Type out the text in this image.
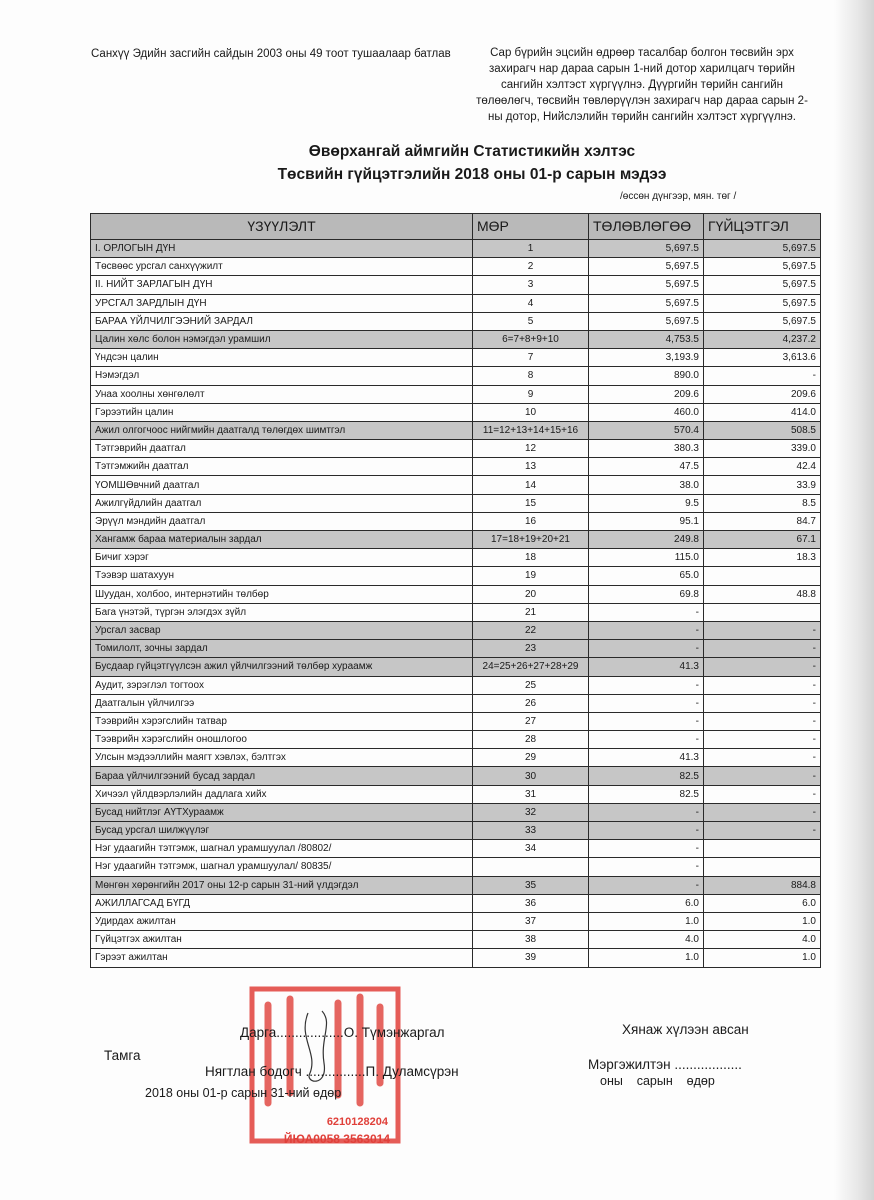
Санхүү Эдийн засгийн сайдын 2003 оны 49 тоот тушаалаар батлав	Сар бүрийн эцсийн өдрөөр тасалбар болгон төсвийн эрх
захирагч нар дараа сарын 1-ний дотор харилцагч төрийн
сангийн хэлтэст хүргүүлнэ. Дүүргийн төрийн сангийн
төлөөлөгч, төсвийн төвлөрүүлэн захирагч нар дараа сарын 2-
ны дотор, Нийслэлийн төрийн сангийн хэлтэст хүргүүлнэ.
Өвөрхангай аймгийн Статистикийн хэлтэс
Төсвийн гүйцэтгэлийн 2018 оны 01-р сарын мэдээ
/өссөн дүнгээр, мян. төг /
ҮЗҮҮЛЭЛТ	МӨР	ТӨЛӨВЛӨГӨӨ	ГҮЙЦЭТГЭЛ
I. ОРЛОГЫН ДҮН	1	5,697.5	5,697.5
Төсвөөс урсгал санхүүжилт	2	5,697.5	5,697.5
II. НИЙТ ЗАРЛАГЫН ДҮН	3	5,697.5	5,697.5
УРСГАЛ ЗАРДЛЫН ДҮН	4	5,697.5	5,697.5
БАРАА ҮЙЛЧИЛГЭЭНИЙ ЗАРДАЛ	5	5,697.5	5,697.5
Цалин хөлс болон нэмэгдэл урамшил	6=7+8+9+10	4,753.5	4,237.2
Үндсэн цалин	7	3,193.9	3,613.6
Нэмэгдэл	8	890.0	-
Унаа хоолны хөнгөлөлт	9	209.6	209.6
Гэрээтийн цалин	10	460.0	414.0
Ажил олгогчоос нийгмийн даатгалд төлөгдөх шимтгэл	11=12+13+14+15+16	570.4	508.5
Тэтгэврийн даатгал	12	380.3	339.0
Тэтгэмжийн даатгал	13	47.5	42.4
ҮОМШӨвчний даатгал	14	38.0	33.9
Ажилгүйдлийн даатгал	15	9.5	8.5
Эрүүл мэндийн даатгал	16	95.1	84.7
Хангамж бараа материалын зардал	17=18+19+20+21	249.8	67.1
Бичиг хэрэг	18	115.0	18.3
Тээвэр шатахуун	19	65.0	
Шуудан, холбоо, интернэтийн төлбөр	20	69.8	48.8
Бага үнэтэй, түргэн элэгдэх зүйл	21	-	
Урсгал засвар	22	-	-
Томилолт, зочны зардал	23	-	-
Бусдаар гүйцэтгүүлсэн ажил үйлчилгээний төлбөр хураамж	24=25+26+27+28+29	41.3	-
Аудит, зэрэглэл тогтоох	25	-	-
Даатгалын үйлчилгээ	26	-	-
Тээврийн хэрэгслийн татвар	27	-	-
Тээврийн хэрэгслийн оношлогоо	28	-	-
Улсын мэдээллийн маягт хэвлэх, бэлтгэх	29	41.3	-
Бараа үйлчилгээний бусад зардал	30	82.5	-
Хичээл үйлдвэрлэлийн дадлага хийх	31	82.5	-
Бусад нийтлэг АҮТХураамж	32	-	-
Бусад урсгал шилжүүлэг	33	-	-
Нэг удаагийн тэтгэмж, шагнал урамшуулал /80802/	34	-	
Нэг удаагийн тэтгэмж, шагнал урамшуулал/ 80835/		-	
Мөнгөн хөрөнгийн 2017 оны 12-р сарын 31-ний үлдэгдэл	35	-	884.8
АЖИЛЛАГСАД БҮГД	36	6.0	6.0
Удирдах ажилтан	37	1.0	1.0
Гүйцэтгэх ажилтан	38	4.0	4.0
Гэрээт ажилтан	39	1.0	1.0
6210128204
ЙЮА0058 3563014
Дарга..................О. Түмэнжаргал
Тамга
Нягтлан бодогч ................П. Дуламсүрэн
2018 оны 01-р сарын 31-ний өдөр
Хянаж хүлээн авсан
Мэргэжилтэн ..................
оны    сарын    өдөр
